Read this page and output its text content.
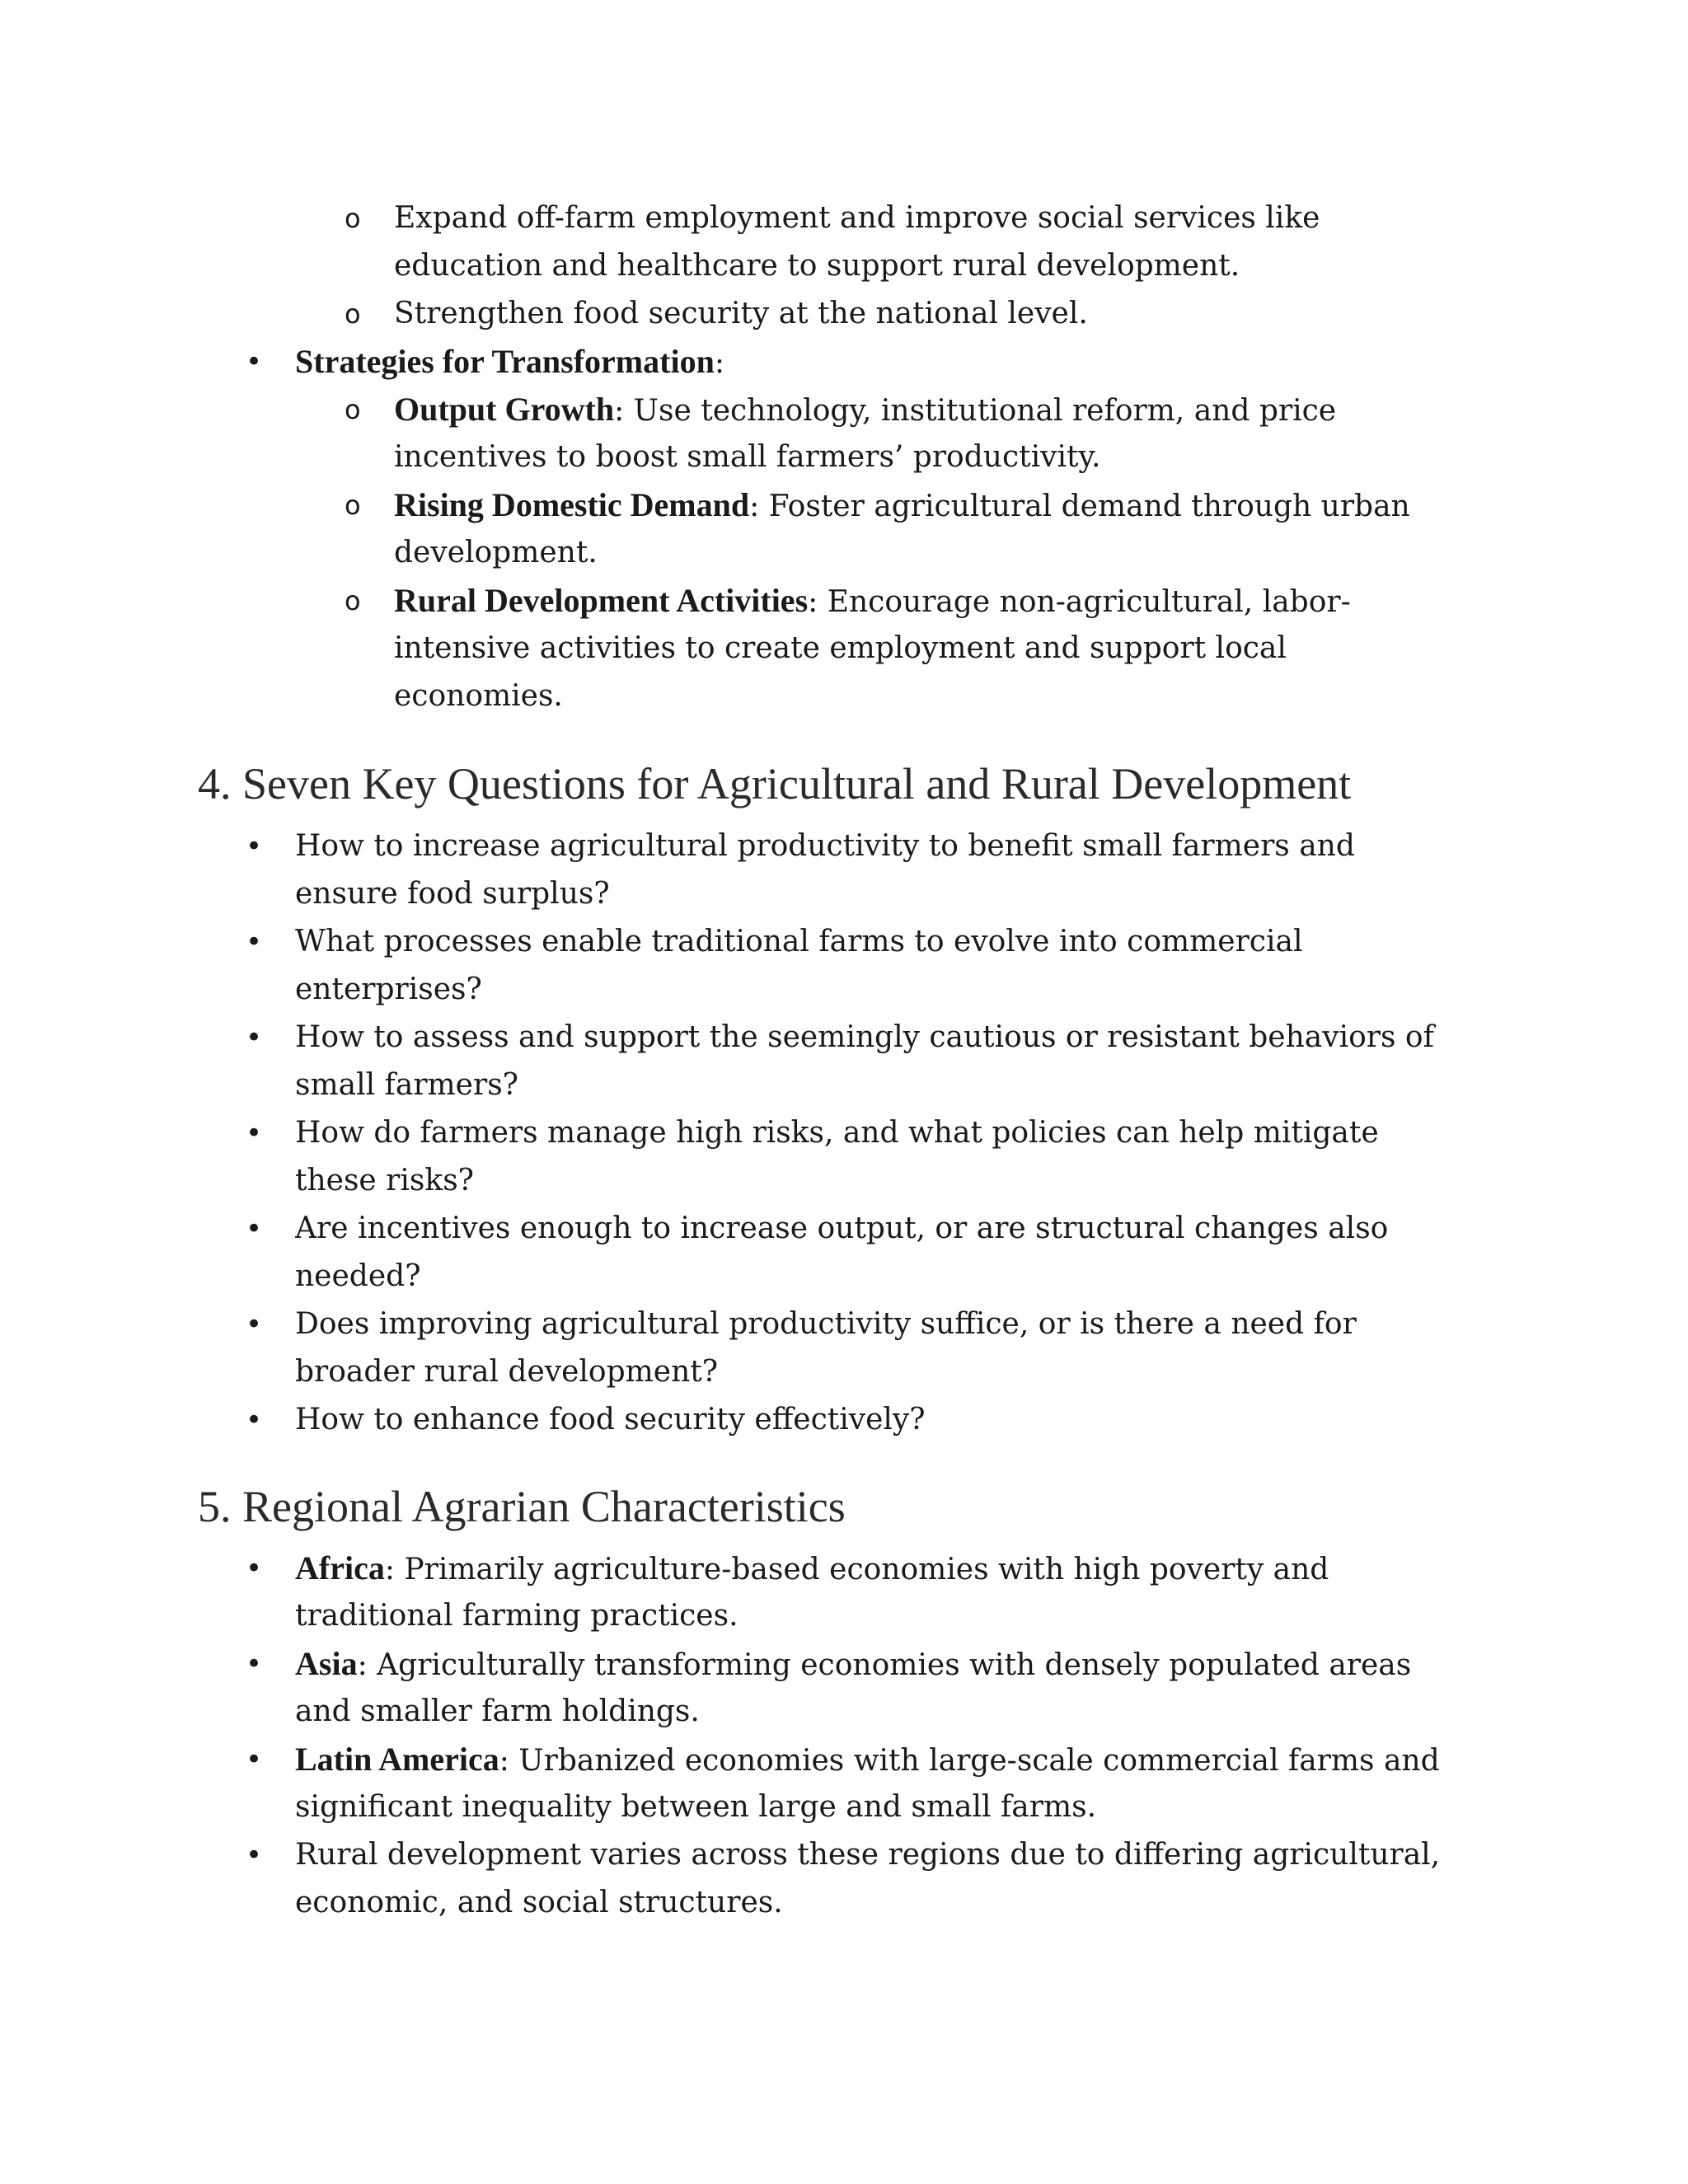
o Expand off-farm employment and improve social services like
education and healthcare to support rural development.
o Strengthen food security at the national level.
• Strategies for Transformation:
o Output Growth: Use technology, institutional reform, and price
incentives to boost small farmers’ productivity.
o Rising Domestic Demand: Foster agricultural demand through urban
development.
o Rural Development Activities: Encourage non-agricultural, labor-
intensive activities to create employment and support local
economies.
4. Seven Key Questions for Agricultural and Rural Development
• How to increase agricultural productivity to benefit small farmers and
ensure food surplus?
• What processes enable traditional farms to evolve into commercial
enterprises?
• How to assess and support the seemingly cautious or resistant behaviors of
small farmers?
• How do farmers manage high risks, and what policies can help mitigate
these risks?
• Are incentives enough to increase output, or are structural changes also
needed?
• Does improving agricultural productivity suffice, or is there a need for
broader rural development?
• How to enhance food security effectively?
5. Regional Agrarian Characteristics
• Africa: Primarily agriculture-based economies with high poverty and
traditional farming practices.
• Asia: Agriculturally transforming economies with densely populated areas
and smaller farm holdings.
• Latin America: Urbanized economies with large-scale commercial farms and
significant inequality between large and small farms.
• Rural development varies across these regions due to differing agricultural,
economic, and social structures.
